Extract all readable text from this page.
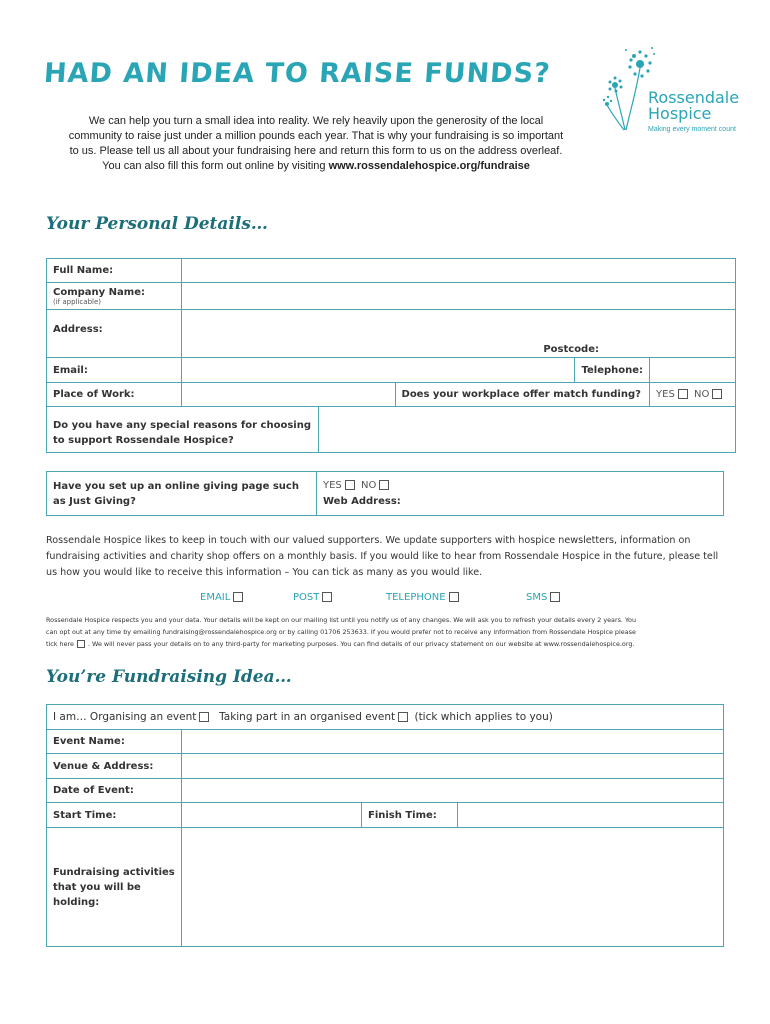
HAD AN IDEA TO RAISE FUNDS?
We can help you turn a small idea into reality. We rely heavily upon the generosity of the local
community to raise just under a million pounds each year. That is why your fundraising is so important
to us. Please tell us all about your fundraising here and return this form to us on the address overleaf.
You can also fill this form out online by visiting www.rossendalehospice.org/fundraise
Rossendale
Hospice
Making every moment count
Your Personal Details…
Full Name:					

Company Name:
(if applicable)					

Address:	Postcode:				

Email:				Telephone:	
Place of Work:			Does your workplace offer match funding?		YES NO
Do you have any special reasons for choosing to support Rossendale Hospice?					
Have you set up an online giving page such as Just Giving?	
YES NO
Web Address:
Rossendale Hospice likes to keep in touch with our valued supporters. We update supporters with hospice newsletters, information on fundraising activities and charity shop offers on a monthly basis. If you would like to hear from Rossendale Hospice in the future, please tell us how you would like to receive this information – You can tick as many as you would like.
EMAIL	POST	TELEPHONE	SMS
Rossendale Hospice respects you and your data. Your details will be kept on our mailing list until you notify us of any changes. We will ask you to refresh your details every 2 years. You
can opt out at any time by emailing fundraising@rossendalehospice.org or by calling 01706 253633. If you would prefer not to receive any information from Rossendale Hospice please
tick here . We will never pass your details on to any third-party for marketing purposes. You can find details of our privacy statement on our website at www.rossendalehospice.org.
You’re Fundraising Idea…
I am… Organising an event Taking part in an organised event (tick which applies to you)			
Event Name:			
Venue & Address:			
Date of Event:			
Start Time:		Finish Time:	
Fundraising activities that you will be holding:			
